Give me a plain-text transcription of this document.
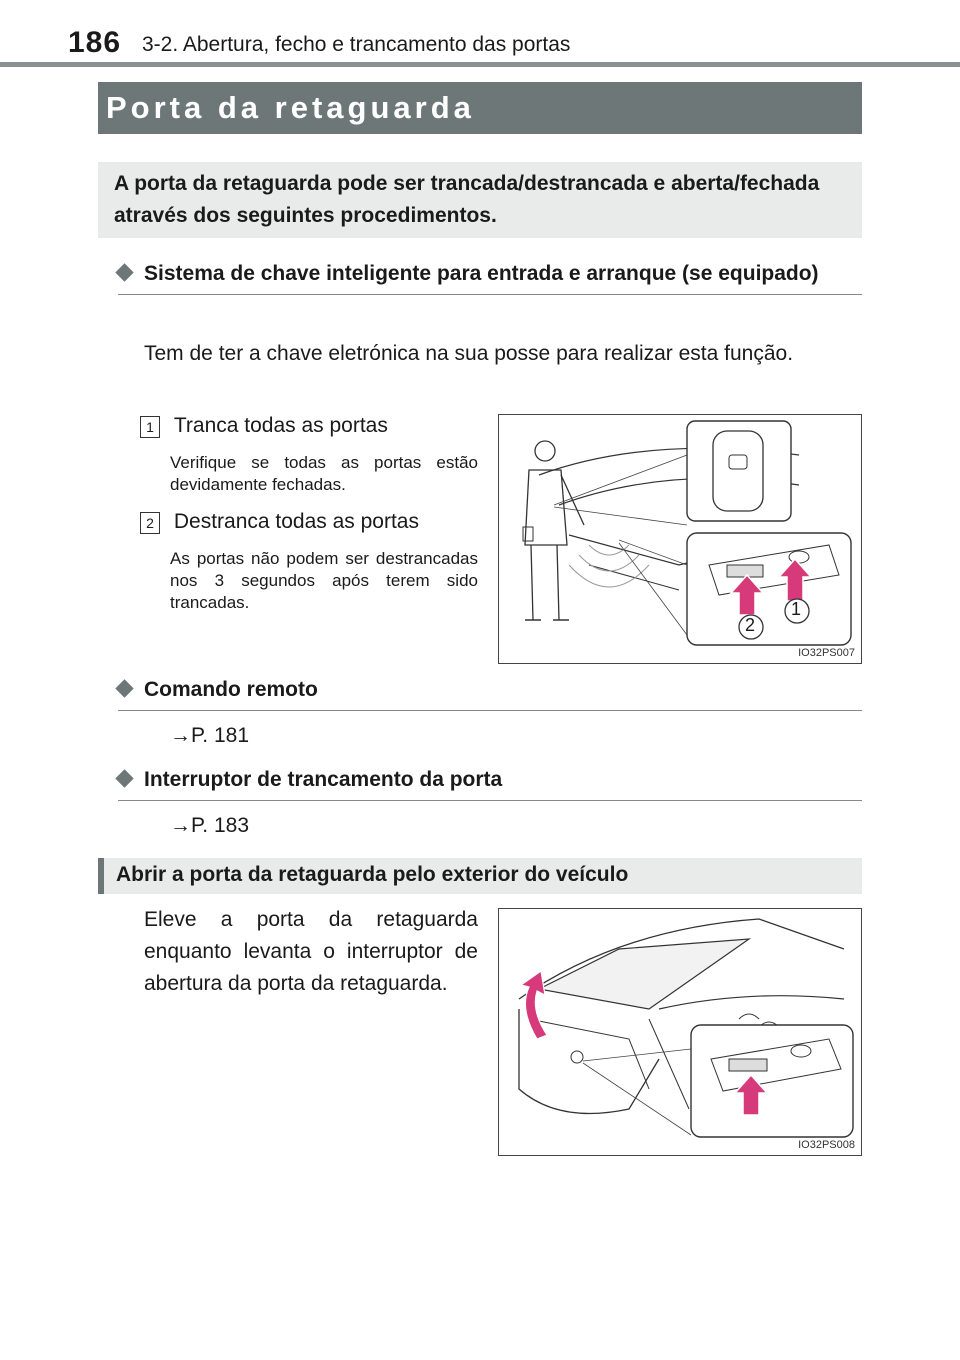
186 3-2. Abertura, fecho e trancamento das portas
Porta da retaguarda
A porta da retaguarda pode ser trancada/destrancada e aberta/fechada através dos seguintes procedimentos.
Sistema de chave inteligente para entrada e arranque (se equipado)
Tem de ter a chave eletrónica na sua posse para realizar esta função.
1 Tranca todas as portas
Verifique se todas as portas estão devidamente fechadas.
2 Destranca todas as portas
As portas não podem ser destrancadas nos 3 segundos após terem sido trancadas.	1
2
IO32PS007
Comando remoto
→P. 181
Interruptor de trancamento da porta
→P. 183
Abrir a porta da retaguarda pelo exterior do veículo
Eleve a porta da retaguarda enquanto levanta o interruptor de abertura da porta da retaguarda.
IO32PS008
